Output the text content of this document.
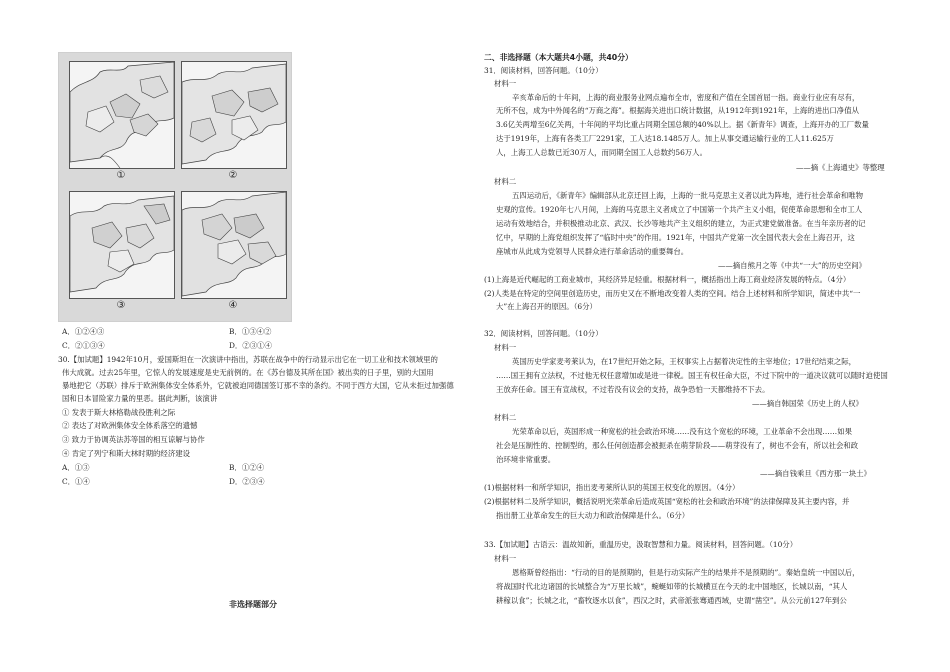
①	②
③	④
A．①②④③	B．①③④②
C．②①③④	D．②③①④
30.【加试题】1942年10月，爱国斯坦在一次演讲中指出，苏联在战争中的行动显示出它在一切工业和技术领域里的
伟大成就。过去25年里，它惊人的发展速度是史无前例的。在《苏台德及其所在国》被出卖的日子里，别的大国用
暴地把它（苏联）排斥于欧洲集体安全体系外，它就被迫同德国签订那不幸的条约。不同于西方大国，它从未拒过加强德
国和日本冒险家力量的里恶。据此判断，该演讲
① 发表于斯大林格勒战役胜利之际
② 表达了对欧洲集体安全体系落空的遗憾
③ 致力于协调英法苏等国的相互谅解与协作
④ 肯定了列宁和斯大林时期的经济建设
A．①③	B．①②④
C．①④	D．②③④
非选择题部分
二、非选择题（本大题共4小题，共40分）
31．阅读材料，回答问题。（10分）
材料一
辛亥革命后的十年间，上海的商业服务业网点遍布全市，密度和产值在全国首屈一指。商业行业应有尽有，
无所不包，成为中外闻名的“万商之海”。根据海关进出口统计数据，从1912年到1921年，上海的进出口净值从
3.6亿关两增至6亿关两，十年间的平均比重占同期全国总额的40%以上。据《新青年》调查，上海开办的工厂数量
达于1919年，上海有各类工厂2291家，工人达18.1485万人。加上从事交通运输行业的工人11.625万
人，上海工人总数已近30万人，而同期全国工人总数约56万人。
——摘《上海通史》等整理
材料二
五四运动后，《新青年》编辑部从北京迁回上海，上海的一批马克思主义者以此为阵地，进行社会革命和唯物
史观的宣传。1920年七八月间，上海的马克思主义者成立了中国第一个共产主义小组，促使革命思想和全市工人
运动有效地结合，并积极推动北京、武汉、长沙等地共产主义组织的建立，为正式建党做准备。在当年亲历者的记
忆中，早期的上海党组织发挥了“临时中央”的作用。1921年，中国共产党第一次全国代表大会在上海召开，这
座城市从此成为党领导人民群众进行革命活动的重要舞台。
——摘自熊月之等《中共“一大”的历史空间》
(1)上海是近代崛起的工商业城市，其经济异足轻重。根据材料一，概括指出上海工商业经济发展的特点。（4分）
(2)人类是在特定的空间里创造历史，而历史又在不断地改变着人类的空间。结合上述材料和所学知识，简述中共“一
大”在上海召开的原因。（6分）
32．阅读材料，回答问题。（10分）
材料一
英国历史学家麦考莱认为，在17世纪开始之际，王权事实上占据着决定性的主宰地位；17世纪结束之际，
……国王拥有立法权，不过他无权任意增加或是进一律税。国王有权任命大臣，不过下院中的一道决议就可以随时迫使国
王放弃任命。国王有宣战权，不过若没有议会的支持，战争恐怕一天都维持不下去。
——摘自韩国荣《历史上的人权》
材料二
光荣革命以后，英国形成一种宽松的社会政治环境……没有这个宽松的环境，工业革命不会出现……如果
社会是压制性的、控制型的，那么任何创造都会被扼杀在萌芽阶段——萌芽没有了，树也不会有，所以社会和政
治环境非常重要。
——摘自钱乘旦《西方那一块土》
(1)根据材料一和所学知识，指出麦考莱所认识的英国王权变化的原因。（4分）
(2)根据材料二及所学知识，概括说明光荣革命后造成英国“宽松的社会和政治环境”的法律保障及其主要内容，并
指出册工业革命发生的巨大动力和政治保障是什么。（6分）
33.【加试题】古语云：温故知新，重温历史，汲取智慧和力量。阅读材料，回答问题。（10分）
材料一
恩格斯曾经指出：“行动的目的是预期的，但是行动实际产生的结果并不是预期的”。秦始皇统一中国以后，
将战国时代北边诸国的长城整合为“万里长城”，蜿蜒如带的长城横亘在今天的北中国地区，长城以南，“其人
耕稼以食”；长城之北，“畜牧逐水以食”，西汉之时，武帝派张骞通西域，史谓“凿空”。从公元前127年到公
